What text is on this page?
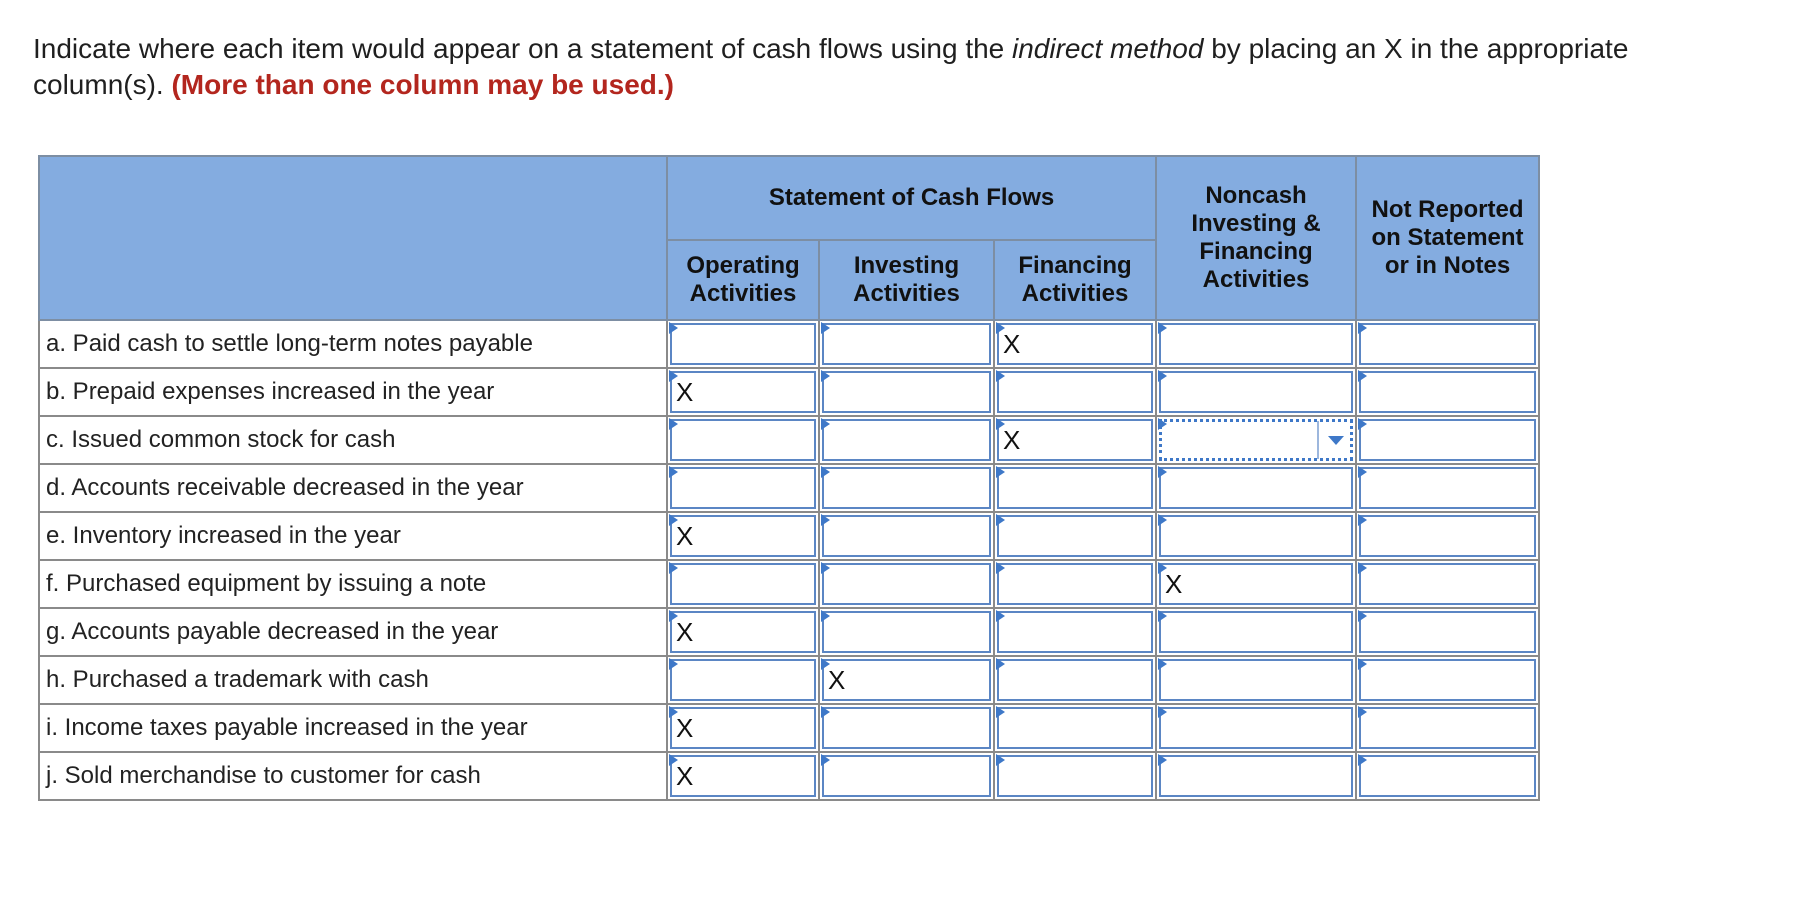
Indicate where each item would appear on a statement of cash flows using the indirect method by placing an X in the appropriate column(s). (More than one column may be used.)
	Statement of Cash Flows			Noncash Investing & Financing Activities	Not Reported on Statement or in Notes
	Operating Activities	Investing Activities	Financing Activities		
a. Paid cash to settle long-term notes payable			X		

b. Prepaid expenses increased in the year	X				

c. Issued common stock for cash			X		

d. Accounts receivable decreased in the year	

e. Inventory increased in the year	X				

f. Purchased equipment by issuing a note				X	

g. Accounts payable decreased in the year	X				

h. Purchased a trademark with cash		X			

i. Income taxes payable increased in the year	X				

j. Sold merchandise to customer for cash	X				
